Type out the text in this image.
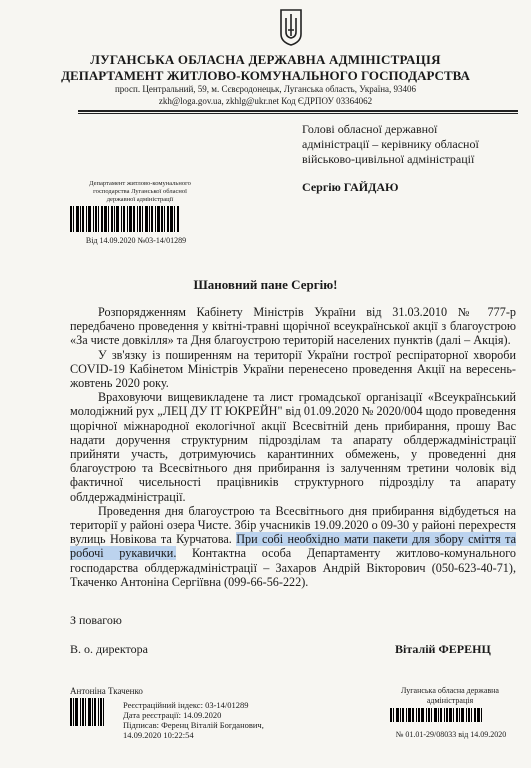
ЛУГАНСЬКА ОБЛАСНА ДЕРЖАВНА АДМІНІСТРАЦІЯ
ДЕПАРТАМЕНТ ЖИТЛОВО-КОМУНАЛЬНОГО ГОСПОДАРСТВА
просп. Центральний, 59, м. Сєвєродонецьк, Луганська область, Україна, 93406
zkh@loga.gov.ua, zkhlg@ukr.net Код ЄДРПОУ 03364062
Голові обласної державної
адміністрації – керівнику обласної
військово-цивільної адміністрації
Сергію ГАЙДАЮ
Департамент житлово-комунального
господарства Луганської обласної
державної адміністрації
Від 14.09.2020 №03-14/01289
Шановний пане Сергію!

Розпорядженням Кабінету Міністрів України від 31.03.2010 № 777-р передбачено проведення у квітні-травні щорічної всеукраїнської акції з благоустрою «За чисте довкілля» та Дня благоустрою територій населених пунктів (далі – Акція).

У зв'язку із поширенням на території України гострої респіраторної хвороби COVID-19 Кабінетом Міністрів України перенесено проведення Акції на вересень-жовтень 2020 року.

Враховуючи вищевикладене та лист громадської організації «Всеукраїнський молодіжний рух „ЛЕЦ ДУ ІТ ЮКРЕЙН" від 01.09.2020 № 2020/004 щодо проведення щорічної міжнародної екологічної акції Всесвітній день прибирання, прошу Вас надати доручення структурним підрозділам та апарату облдержадміністрації прийняти участь, дотримуючись карантинних обмежень, у проведенні дня благоустрою та Всесвітнього дня прибирання із залученням третини чоловік від фактичної чисельності працівників структурного підрозділу та апарату облдержадміністрації.

Проведення дня благоустрою та Всесвітнього дня прибирання відбудеться на території у районі озера Чисте. Збір учасників 19.09.2020 о 09-30 у районі перехрестя вулиць Новікова та Курчатова. При собі необхідно мати пакети для збору сміття та робочі рукавички. Контактна особа Департаменту житлово-комунального господарства облдержадміністрації – Захаров Андрій Вікторович (050-623-40-71), Ткаченко Антоніна Сергіївна (099-66-56-222).

З повагою
В. о. директора	Віталій ФЕРЕНЦ
Антоніна Ткаченко
Реєстраційний індекс: 03-14/01289
Дата реєстрації: 14.09.2020
Підписав: Ференц Віталій Богданович,
14.09.2020 10:22:54
Луганська обласна державна
адміністрація
№ 01.01-29/08033 від 14.09.2020
